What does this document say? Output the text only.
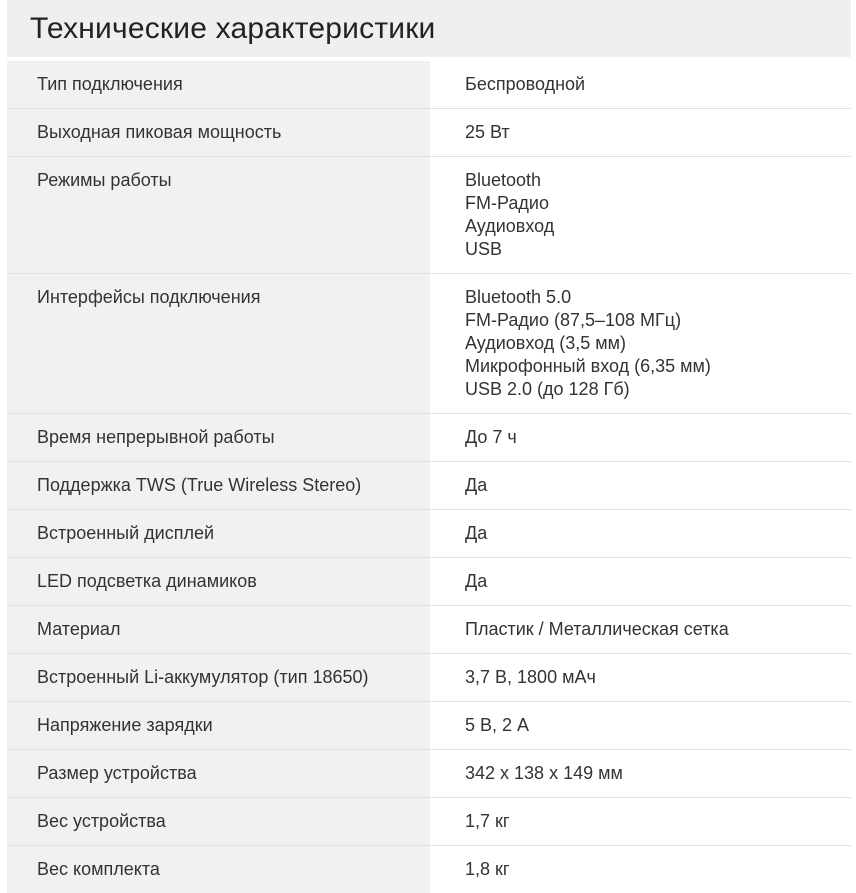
Технические характеристики
Тип подключения	Беспроводной

Выходная пиковая мощность	25 Вт

Режимы работы	Bluetooth
FM-Радио
Аудиовход
USB

Интерфейсы подключения	Bluetooth 5.0
FM-Радио (87,5–108 МГц)
Аудиовход (3,5 мм)
Микрофонный вход (6,35 мм)
USB 2.0 (до 128 Гб)

Время непрерывной работы	До 7 ч

Поддержка TWS (True Wireless Stereo)	Да

Встроенный дисплей	Да

LED подсветка динамиков	Да

Материал	Пластик / Металлическая сетка

Встроенный Li-аккумулятор (тип 18650)	3,7 В, 1800 мАч

Напряжение зарядки	5 В, 2 А

Размер устройства	342 x 138 x 149 мм

Вес устройства	1,7 кг

Вес комплекта	1,8 кг
